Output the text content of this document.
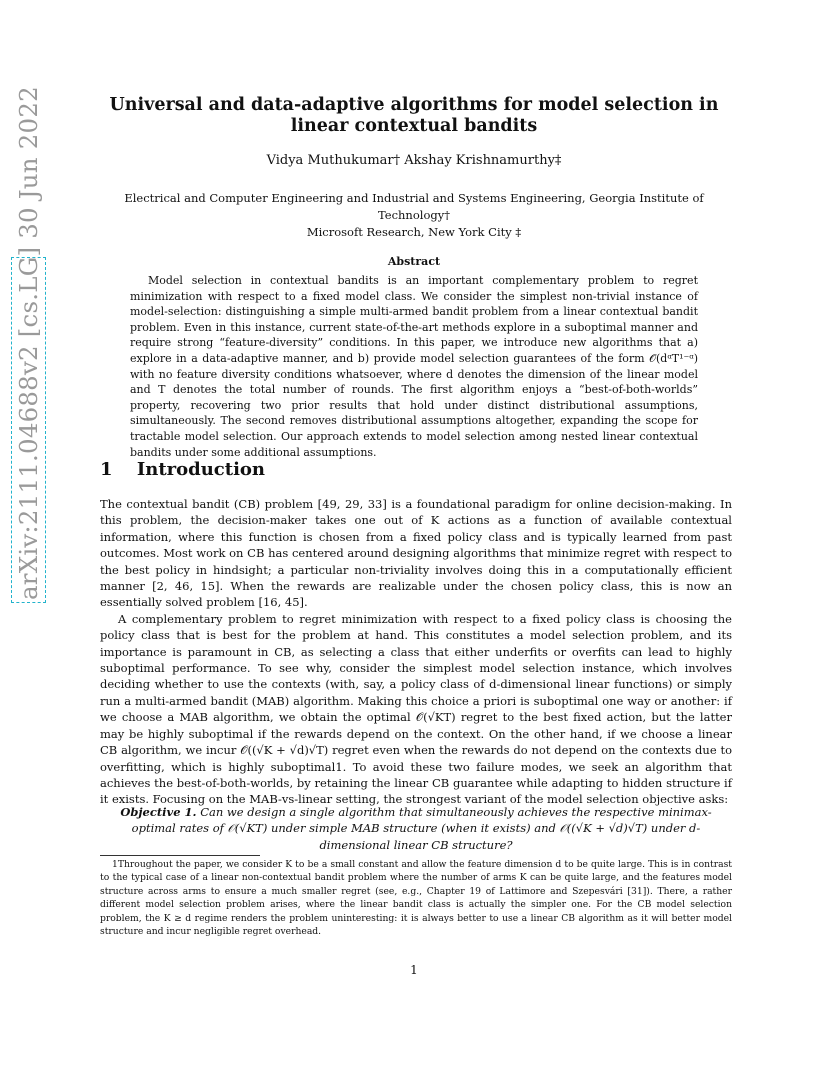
arXiv:2111.04688v2 [cs.LG] 30 Jun 2022	Universal and data-adaptive algorithms for model selection in linear contextual bandits
Vidya Muthukumar† Akshay Krishnamurthy‡
Electrical and Computer Engineering and Industrial and Systems Engineering, Georgia Institute of Technology†
Microsoft Research, New York City ‡
Abstract
Model selection in contextual bandits is an important complementary problem to regret minimization with respect to a fixed model class. We consider the simplest non-trivial instance of model-selection: distinguishing a simple multi-armed bandit problem from a linear contextual bandit problem. Even in this instance, current state-of-the-art methods explore in a suboptimal manner and require strong “feature-diversity” conditions. In this paper, we introduce new algorithms that a) explore in a data-adaptive manner, and b) provide model selection guarantees of the form 𝒪(dᵅT¹⁻ᵅ) with no feature diversity conditions whatsoever, where d denotes the dimension of the linear model and T denotes the total number of rounds. The first algorithm enjoys a “best-of-both-worlds” property, recovering two prior results that hold under distinct distributional assumptions, simultaneously. The second removes distributional assumptions altogether, expanding the scope for tractable model selection. Our approach extends to model selection among nested linear contextual bandits under some additional assumptions.
1 Introduction

The contextual bandit (CB) problem [49, 29, 33] is a foundational paradigm for online decision-making. In this problem, the decision-maker takes one out of K actions as a function of available contextual information, where this function is chosen from a fixed policy class and is typically learned from past outcomes. Most work on CB has centered around designing algorithms that minimize regret with respect to the best policy in hindsight; a particular non-triviality involves doing this in a computationally efficient manner [2, 46, 15]. When the rewards are realizable under the chosen policy class, this is now an essentially solved problem [16, 45].

A complementary problem to regret minimization with respect to a fixed policy class is choosing the policy class that is best for the problem at hand. This constitutes a model selection problem, and its importance is paramount in CB, as selecting a class that either underfits or overfits can lead to highly suboptimal performance. To see why, consider the simplest model selection instance, which involves deciding whether to use the contexts (with, say, a policy class of d-dimensional linear functions) or simply run a multi-armed bandit (MAB) algorithm. Making this choice a priori is suboptimal one way or another: if we choose a MAB algorithm, we obtain the optimal 𝒪(√KT) regret to the best fixed action, but the latter may be highly suboptimal if the rewards depend on the context. On the other hand, if we choose a linear CB algorithm, we incur 𝒪((√K + √d)√T) regret even when the rewards do not depend on the contexts due to overfitting, which is highly suboptimal1. To avoid these two failure modes, we seek an algorithm that achieves the best-of-both-worlds, by retaining the linear CB guarantee while adapting to hidden structure if it exists. Focusing on the MAB-vs-linear setting, the strongest variant of the model selection objective asks:

Objective 1. Can we design a single algorithm that simultaneously achieves the respective minimax-optimal rates of 𝒪(√KT) under simple MAB structure (when it exists) and 𝒪((√K + √d)√T) under d-dimensional linear CB structure?
1Throughout the paper, we consider K to be a small constant and allow the feature dimension d to be quite large. This is in contrast to the typical case of a linear non-contextual bandit problem where the number of arms K can be quite large, and the features model structure across arms to ensure a much smaller regret (see, e.g., Chapter 19 of Lattimore and Szepesvári [31]). There, a rather different model selection problem arises, where the linear bandit class is actually the simpler one. For the CB model selection problem, the K ≥ d regime renders the problem uninteresting: it is always better to use a linear CB algorithm as it will better model structure and incur negligible regret overhead.
1
